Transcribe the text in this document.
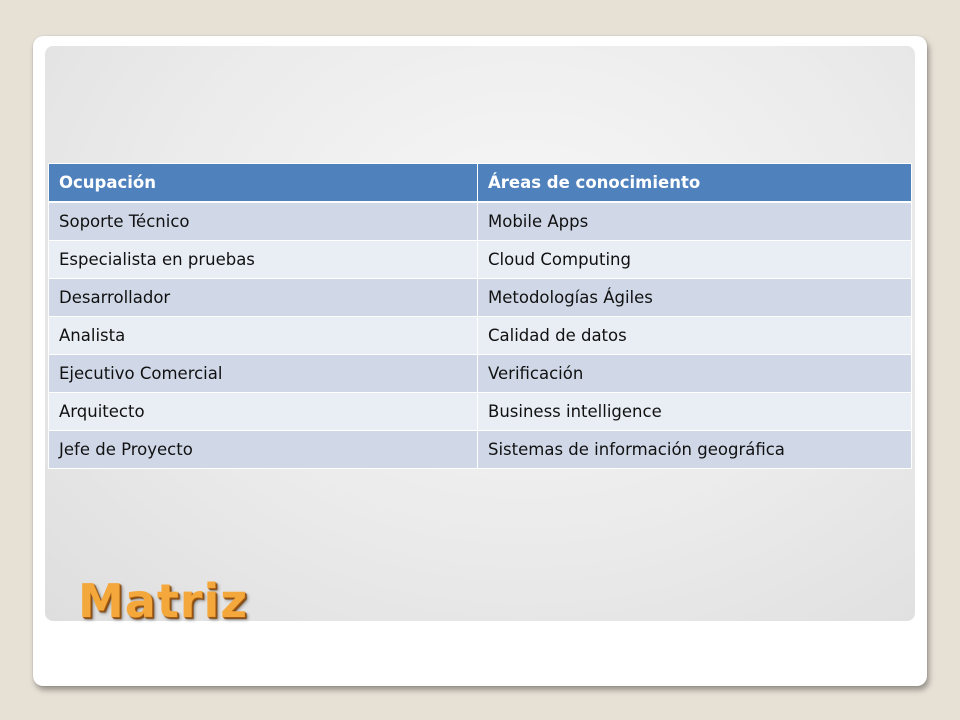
Ocupación	Áreas de conocimiento
Soporte Técnico	Mobile Apps
Especialista en pruebas	Cloud Computing
Desarrollador	Metodologías Ágiles
Analista	Calidad de datos
Ejecutivo Comercial	Verificación
Arquitecto	Business intelligence
Jefe de Proyecto	Sistemas de información geográfica
Matriz
